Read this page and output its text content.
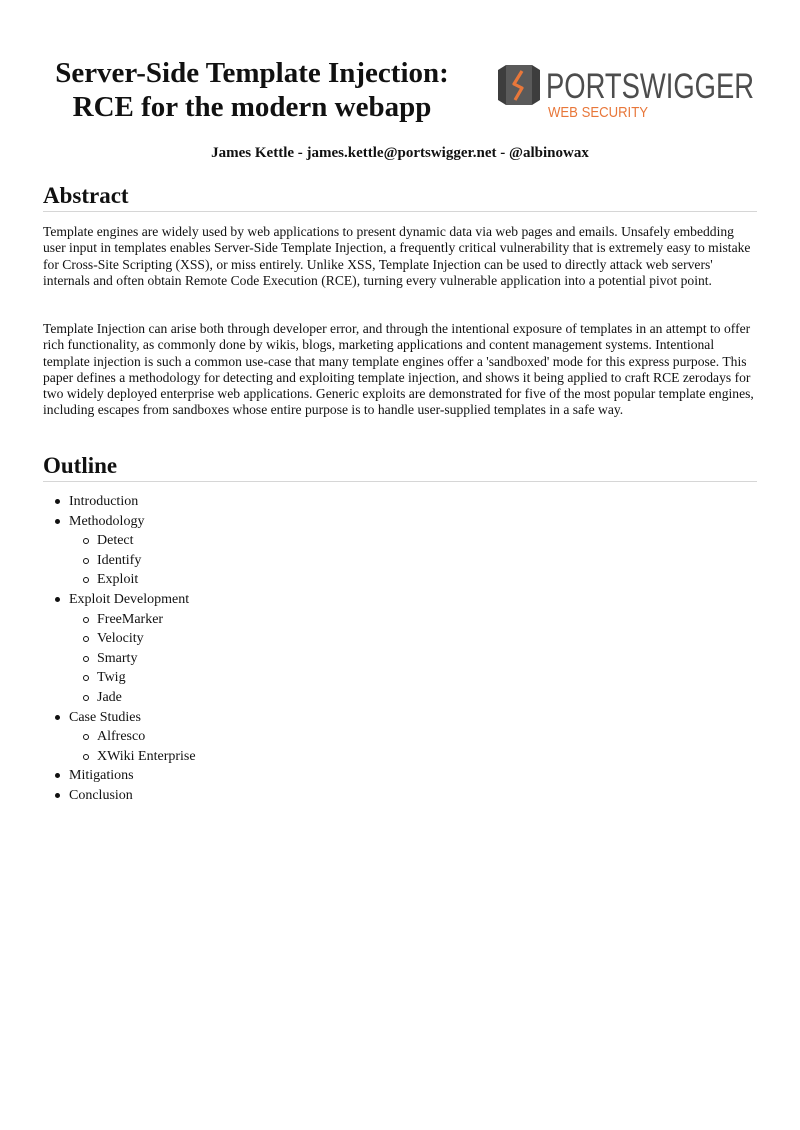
Server-Side Template Injection:
RCE for the modern webapp
PORTSWIGGER
WEB SECURITY
James Kettle - james.kettle@portswigger.net - @albinowax
Abstract

Template engines are widely used by web applications to present dynamic data via web pages and emails. Unsafely embedding user input in templates enables Server-Side Template Injection, a frequently critical vulnerability that is extremely easy to mistake for Cross-Site Scripting (XSS), or miss entirely. Unlike XSS, Template Injection can be used to directly attack web servers' internals and often obtain Remote Code Execution (RCE), turning every vulnerable application into a potential pivot point.

Template Injection can arise both through developer error, and through the intentional exposure of templates in an attempt to offer rich functionality, as commonly done by wikis, blogs, marketing applications and content management systems. Intentional template injection is such a common use-case that many template engines offer a 'sandboxed' mode for this express purpose. This paper defines a methodology for detecting and exploiting template injection, and shows it being applied to craft RCE zerodays for two widely deployed enterprise web applications. Generic exploits are demonstrated for five of the most popular template engines, including escapes from sandboxes whose entire purpose is to handle user-supplied templates in a safe way.

Outline
Introduction
Methodology
Detect
Identify
Exploit
Exploit Development
FreeMarker
Velocity
Smarty
Twig
Jade
Case Studies
Alfresco
XWiki Enterprise
Mitigations
Conclusion
